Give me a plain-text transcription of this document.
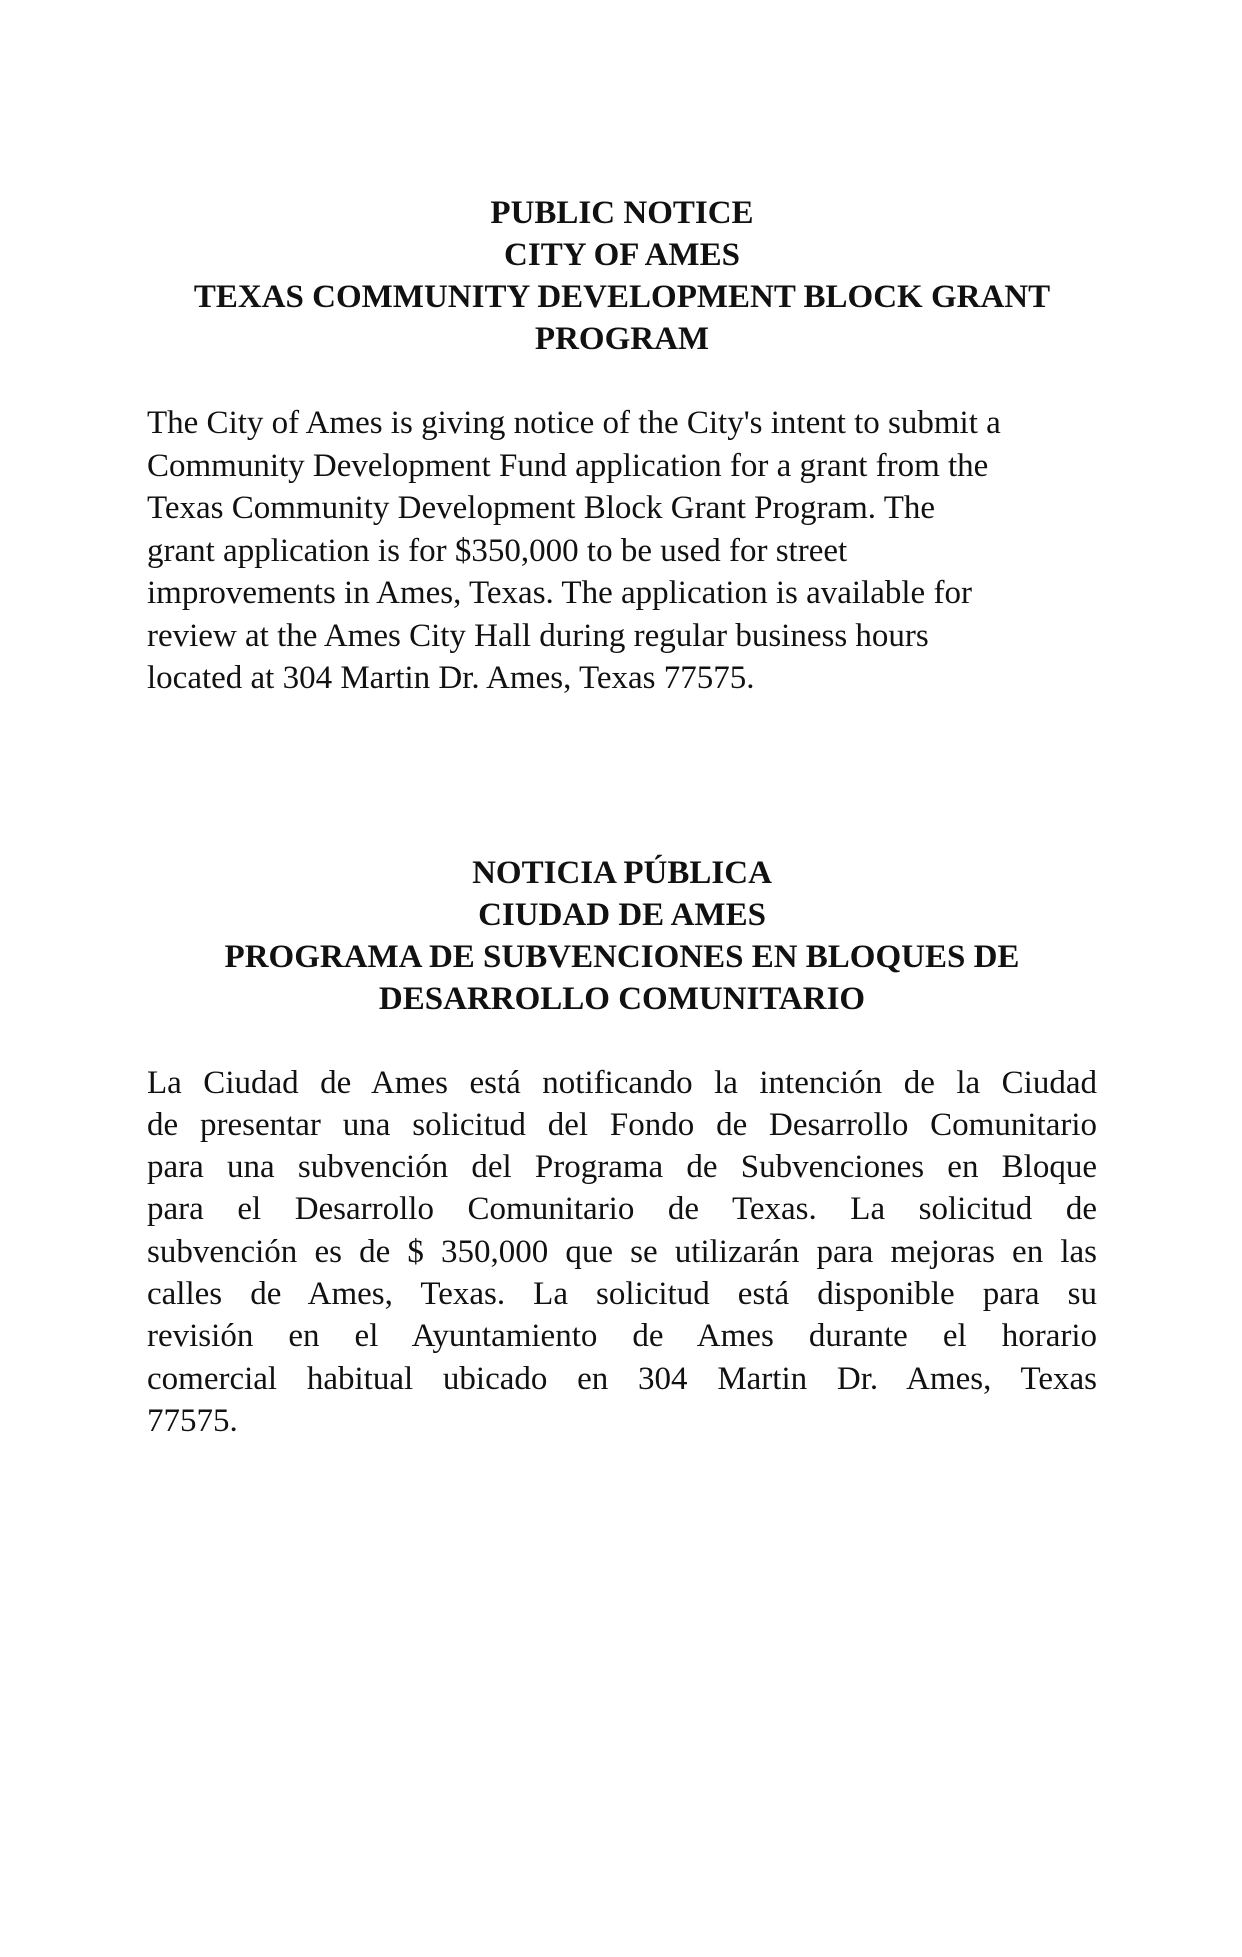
PUBLIC NOTICE
CITY OF AMES
TEXAS COMMUNITY DEVELOPMENT BLOCK GRANT
PROGRAM

The City of Ames is giving notice of the City's intent to submit a
Community Development Fund application for a grant from the
Texas Community Development Block Grant Program. The
grant application is for $350,000 to be used for street
improvements in Ames, Texas. The application is available for
review at the Ames City Hall during regular business hours
located at 304 Martin Dr. Ames, Texas 77575.

NOTICIA PÚBLICA
CIUDAD DE AMES
PROGRAMA DE SUBVENCIONES EN BLOQUES DE
DESARROLLO COMUNITARIO

La Ciudad de Ames está notificando la intención de la Ciudad
de presentar una solicitud del Fondo de Desarrollo Comunitario
para una subvención del Programa de Subvenciones en Bloque
para el Desarrollo Comunitario de Texas. La solicitud de
subvención es de $ 350,000 que se utilizarán para mejoras en las
calles de Ames, Texas. La solicitud está disponible para su
revisión en el Ayuntamiento de Ames durante el horario
comercial habitual ubicado en 304 Martin Dr. Ames, Texas
77575.
